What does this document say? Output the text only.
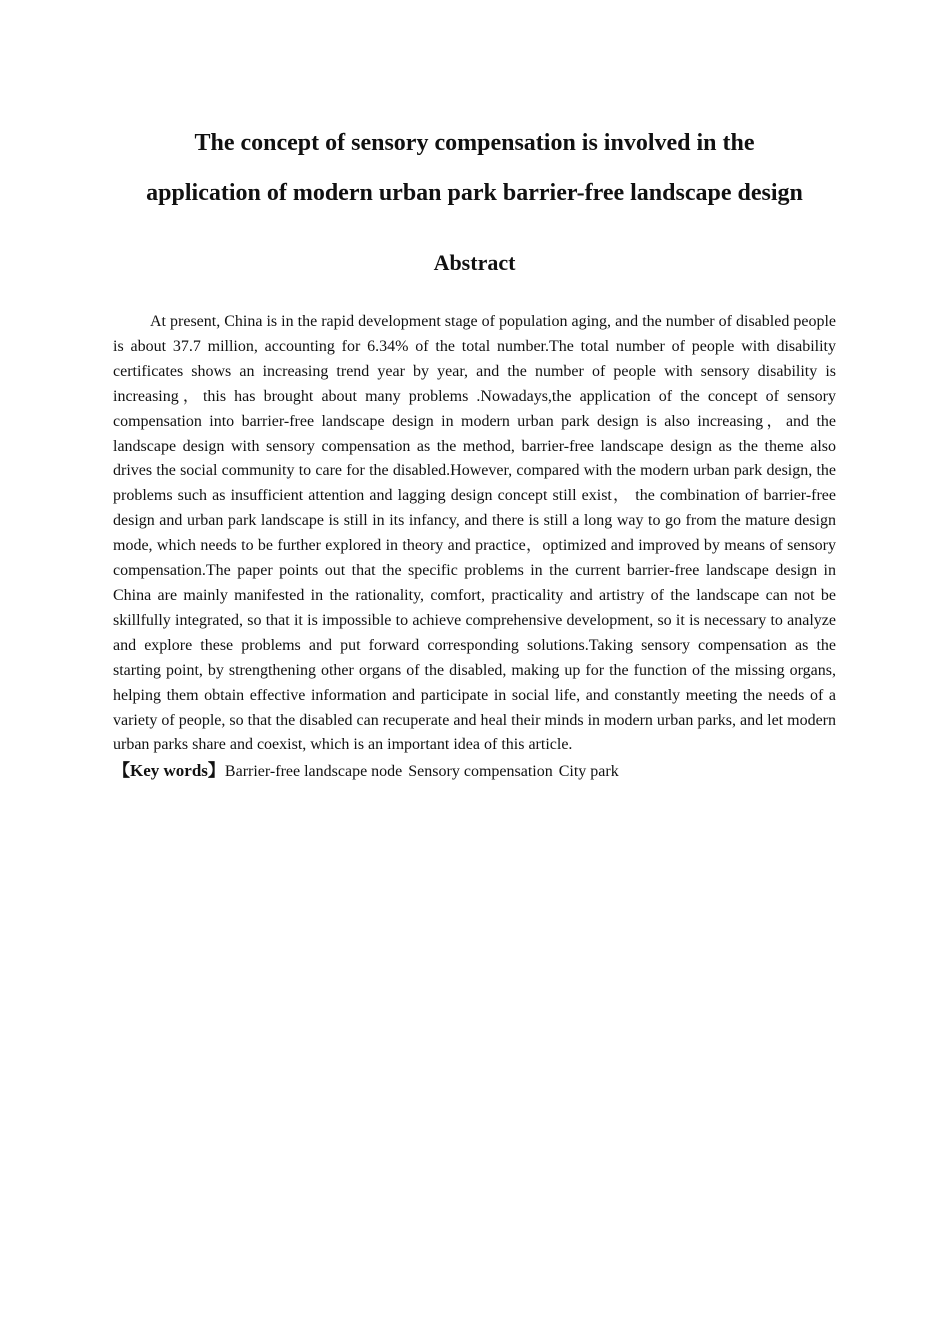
The concept of sensory compensation is involved in the
application of modern urban park barrier-free landscape design
Abstract

At present, China is in the rapid development stage of population aging, and the number of disabled people is about 37.7 million, accounting for 6.34% of the total number.The total number of people with disability certificates shows an increasing trend year by year, and the number of people with sensory disability is increasing，this has brought about many problems .Nowadays,the application of the concept of sensory compensation into barrier-free landscape design in modern urban park design is also increasing，and the landscape design with sensory compensation as the method, barrier-free landscape design as the theme also drives the social community to care for the disabled.However, compared with the modern urban park design, the problems such as insufficient attention and lagging design concept still exist， the combination of barrier-free design and urban park landscape is still in its infancy, and there is still a long way to go from the mature design mode, which needs to be further explored in theory and practice，optimized and improved by means of sensory compensation.The paper points out that the specific problems in the current barrier-free landscape design in China are mainly manifested in the rationality, comfort, practicality and artistry of the landscape can not be skillfully integrated, so that it is impossible to achieve comprehensive development, so it is necessary to analyze and explore these problems and put forward corresponding solutions.Taking sensory compensation as the starting point, by strengthening other organs of the disabled, making up for the function of the missing organs, helping them obtain effective information and participate in social life, and constantly meeting the needs of a variety of people, so that the disabled can recuperate and heal their minds in modern urban parks, and let modern urban parks share and coexist, which is an important idea of this article.

【Key words】Barrier-free landscape node Sensory compensation City park
